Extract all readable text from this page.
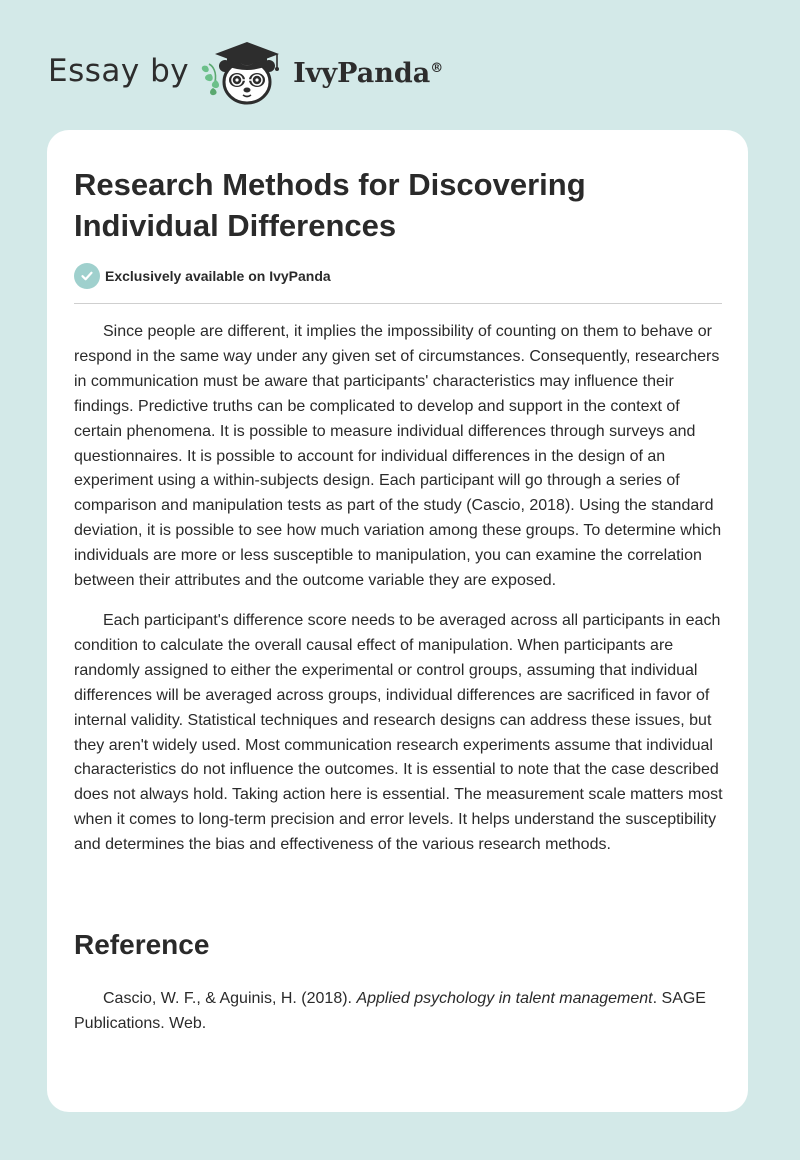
Essay by	IvyPanda®
Research Methods for Discovering Individual Differences
Exclusively available on IvyPanda

Since people are different, it implies the impossibility of counting on them to behave or respond in the same way under any given set of circumstances. Consequently, researchers in communication must be aware that participants' characteristics may influence their findings. Predictive truths can be complicated to develop and support in the context of certain phenomena. It is possible to measure individual differences through surveys and questionnaires. It is possible to account for individual differences in the design of an experiment using a within-subjects design. Each participant will go through a series of comparison and manipulation tests as part of the study (Cascio, 2018). Using the standard deviation, it is possible to see how much variation among these groups. To determine which individuals are more or less susceptible to manipulation, you can examine the correlation between their attributes and the outcome variable they are exposed.

Each participant's difference score needs to be averaged across all participants in each condition to calculate the overall causal effect of manipulation. When participants are randomly assigned to either the experimental or control groups, assuming that individual differences will be averaged across groups, individual differences are sacrificed in favor of internal validity. Statistical techniques and research designs can address these issues, but they aren't widely used. Most communication research experiments assume that individual characteristics do not influence the outcomes. It is essential to note that the case described does not always hold. Taking action here is essential. The measurement scale matters most when it comes to long-term precision and error levels. It helps understand the susceptibility and determines the bias and effectiveness of the various research methods.

Reference

Cascio, W. F., & Aguinis, H. (2018). Applied psychology in talent management. SAGE Publications. Web.
